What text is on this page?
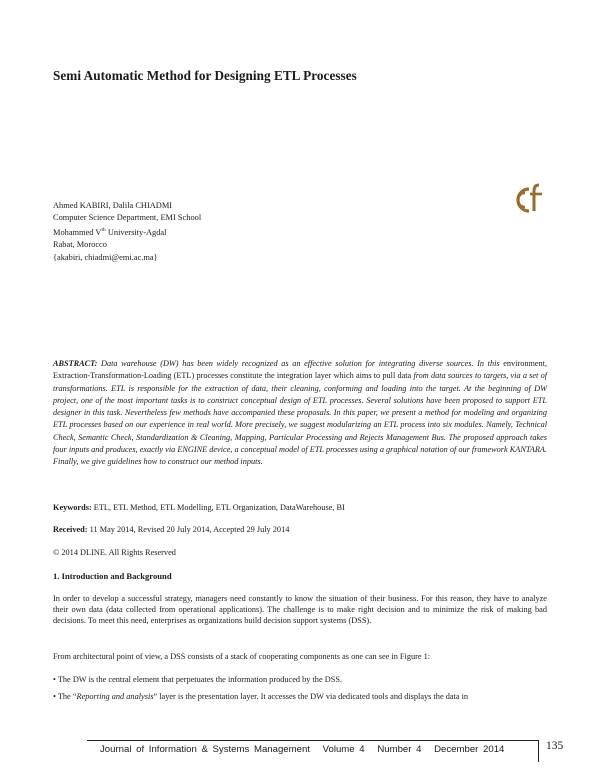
Semi Automatic Method for Designing ETL Processes
Ahmed KABIRI, Dalila CHIADMI
Computer Science Department, EMI School
Mohammed Vth University-Agdal
Rabat, Morocco
{akabiri, chiadmi@emi.ac.ma}
ABSTRACT: Data warehouse (DW) has been widely recognized as an effective solution for integrating diverse sources. In this environment, Extraction-Transformation-Loading (ETL) processes constitute the integration layer which aims to pull data from data sources to targets, via a set of transformations. ETL is responsible for the extraction of data, their cleaning, conforming and loading into the target. At the beginning of DW project, one of the most important tasks is to construct conceptual design of ETL processes. Several solutions have been proposed to support ETL designer in this task. Nevertheless few methods have accompanied these proposals. In this paper, we present a method for modeling and organizing ETL processes based on our experience in real world. More precisely, we suggest modularizing an ETL process into six modules. Namely, Technical Check, Semantic Check, Standardization & Cleaning, Mapping, Particular Processing and Rejects Management Bus. The proposed approach takes four inputs and produces, exactly via ENGINE device, a conceptual model of ETL processes using a graphical notation of our framework KANTARA. Finally, we give guidelines how to construct our method inputs.
Keywords: ETL, ETL Method, ETL Modelling, ETL Organization, DataWarehouse, BI
Received: 11 May 2014, Revised 20 July 2014, Accepted 29 July 2014
© 2014 DLINE. All Rights Reserved
1. Introduction and Background
In order to develop a successful strategy, managers need constantly to know the situation of their business. For this reason, they have to analyze their own data (data collected from operational applications). The challenge is to make right decision and to minimize the risk of making bad decisions. To meet this need, enterprises as organizations build decision support systems (DSS).
From architectural point of view, a DSS consists of a stack of cooperating components as one can see in Figure 1:
• The DW is the central element that perpetuates the information produced by the DSS.
• The “Reporting and analysis” layer is the presentation layer. It accesses the DW via dedicated tools and displays the data in
Journal of Information & Systems Management Volume 4 Number 4 December 2014	135
